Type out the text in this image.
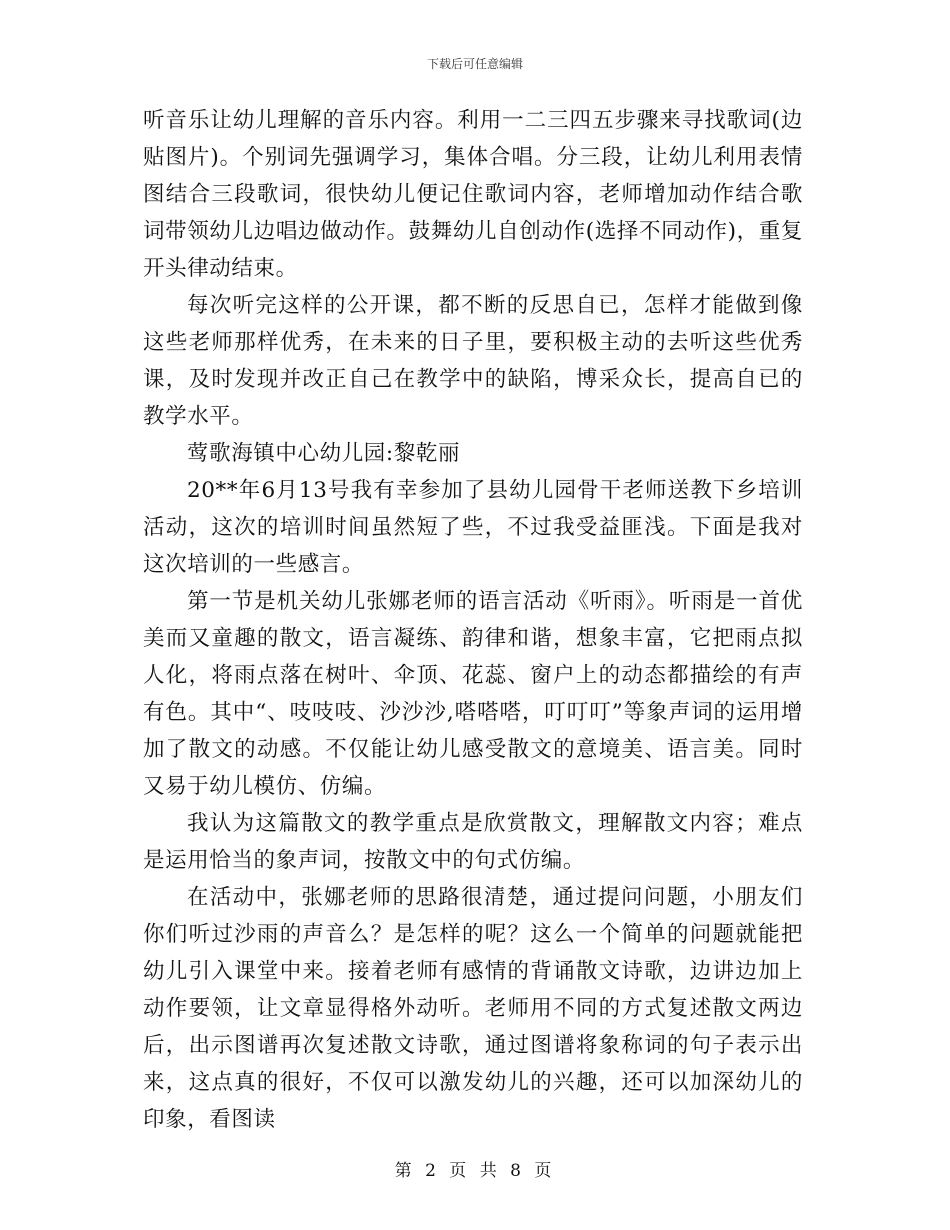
下载后可任意编辑

听音乐让幼儿理解的音乐内容。利用一二三四五步骤来寻找歌词(边贴图片)。个别词先强调学习，集体合唱。分三段，让幼儿利用表情图结合三段歌词，很快幼儿便记住歌词内容，老师增加动作结合歌词带领幼儿边唱边做动作。鼓舞幼儿自创动作(选择不同动作)，重复开头律动结束。

每次听完这样的公开课，都不断的反思自已，怎样才能做到像这些老师那样优秀，在未来的日子里，要积极主动的去听这些优秀课，及时发现并改正自己在教学中的缺陷，博采众长，提高自已的教学水平。

莺歌海镇中心幼儿园:黎乾丽

20**年6月13号我有幸参加了县幼儿园骨干老师送教下乡培训活动，这次的培训时间虽然短了些，不过我受益匪浅。下面是我对这次培训的一些感言。

第一节是机关幼儿张娜老师的语言活动《听雨》。听雨是一首优美而又童趣的散文，语言凝练、韵律和谐，想象丰富，它把雨点拟人化，将雨点落在树叶、伞顶、花蕊、窗户上的动态都描绘的有声有色。其中“、吱吱吱、沙沙沙,嗒嗒嗒，叮叮叮”等象声词的运用增加了散文的动感。不仅能让幼儿感受散文的意境美、语言美。同时又易于幼儿模仿、仿编。

我认为这篇散文的教学重点是欣赏散文，理解散文内容；难点是运用恰当的象声词，按散文中的句式仿编。

在活动中，张娜老师的思路很清楚，通过提问问题，小朋友们你们听过沙雨的声音么？是怎样的呢？这么一个简单的问题就能把幼儿引入课堂中来。接着老师有感情的背诵散文诗歌，边讲边加上动作要领，让文章显得格外动听。老师用不同的方式复述散文两边后，出示图谱再次复述散文诗歌，通过图谱将象称词的句子表示出来，这点真的很好，不仅可以激发幼儿的兴趣，还可以加深幼儿的印象，看图读

第 2 页 共 8 页
